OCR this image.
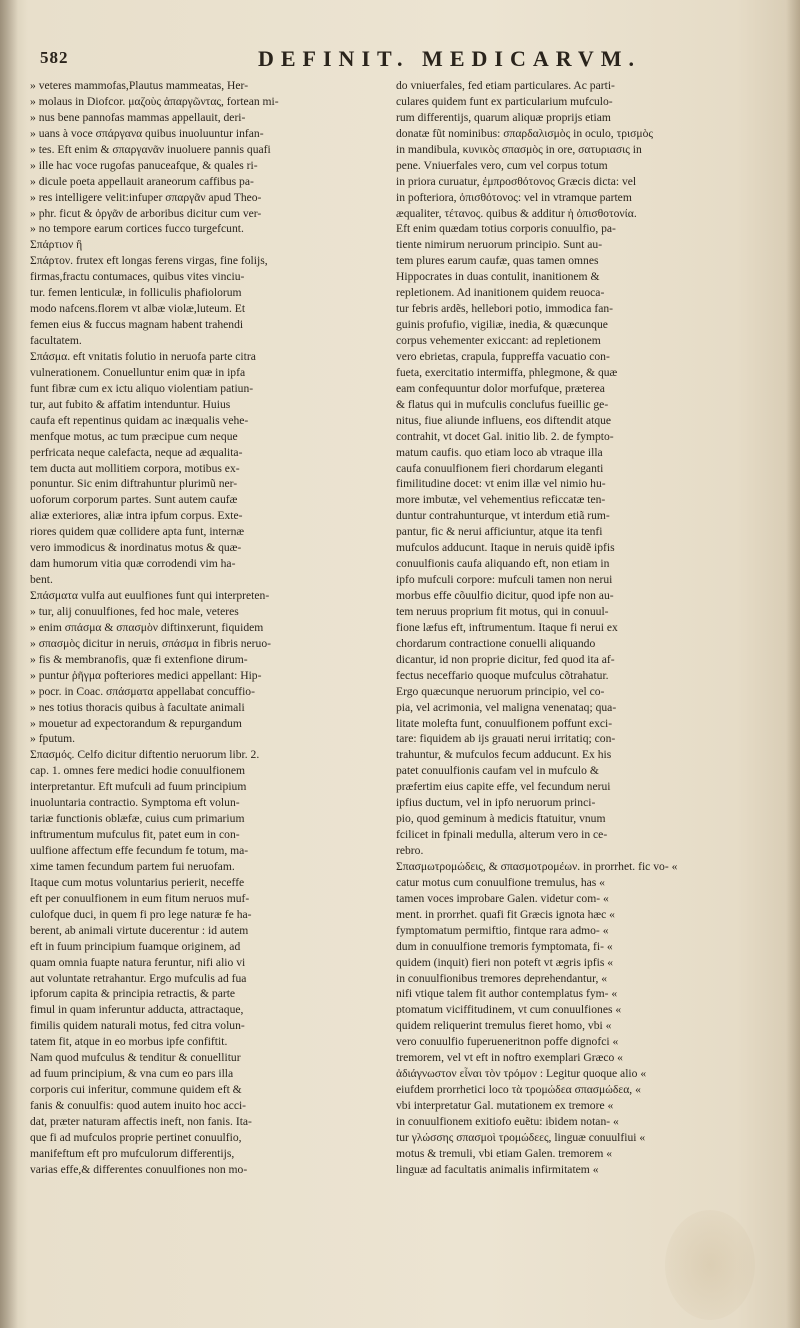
582	DEFINIT. MEDICARVM.
» veteres mammofas,Plautus mammeatas, Her-
» molaus in Diofcor. μαζοὺς ἀπαργῶντας, fortean mi-
» nus bene pannofas mammas appellauit, deri-
» uans à voce σπάργανα quibus inuoluuntur infan-
» tes. Eft enim & σπαργανᾶν inuoluere pannis quafi
» ille hac voce rugofas panuceafque, & quales ri-
» dicule poeta appellauit araneorum caffibus pa-
» res intelligere velit:infuper σπαργᾶν apud Theo-
» phr. ficut & ὀργᾶν de arboribus dicitur cum ver-
» no tempore earum cortices fucco turgefcunt.
Σπάρτιον ἢ
Σπάρτον. frutex eft longas ferens virgas, fine folijs,
firmas,fractu contumaces, quibus vites vinciu-
tur. femen lenticulæ, in folliculis phafiolorum
modo nafcens.florem vt albæ violæ,luteum. Et
femen eius & fuccus magnam habent trahendi
facultatem.
Σπάσμα. eft vnitatis folutio in neruofa parte citra
vulnerationem. Conuelluntur enim quæ in ipfa
funt fibræ cum ex ictu aliquo violentiam patiun-
tur, aut fubito & affatim intenduntur. Huius
caufa eft repentinus quidam ac inæqualis vehe-
menfque motus, ac tum præcipue cum neque
perfricata neque calefacta, neque ad æqualita-
tem ducta aut mollitiem corpora, motibus ex-
ponuntur. Sic enim diftrahuntur plurimũ ner-
uoforum corporum partes. Sunt autem caufæ
aliæ exteriores, aliæ intra ipfum corpus. Exte-
riores quidem quæ collidere apta funt, internæ
vero immodicus & inordinatus motus & quæ-
dam humorum vitia quæ corrodendi vim ha-
bent.
Σπάσματα vulfa aut euulfiones funt qui interpreten-
» tur, alij conuulfiones, fed hoc male, veteres
» enim σπάσμα & σπασμὸν diftinxerunt, fiquidem
» σπασμὸς dicitur in neruis, σπάσμα in fibris neruo-
» fis & membranofis, quæ fi extenfione dirum-
» puntur ῥῆγμα pofteriores medici appellant: Hip-
» pocr. in Coac. σπάσματα appellabat concuffio-
» nes totius thoracis quibus à facultate animali
» mouetur ad expectorandum & repurgandum
» fputum.
Σπασμός. Celfo dicitur diftentio neruorum libr. 2.
cap. 1. omnes fere medici hodie conuulfionem
interpretantur. Eft mufculi ad fuum principium
inuoluntaria contractio. Symptoma eft volun-
tariæ functionis oblæfæ, cuius cum primarium
inftrumentum mufculus fit, patet eum in con-
uulfione affectum effe fecundum fe totum, ma-
xime tamen fecundum partem fui neruofam.
Itaque cum motus voluntarius perierit, neceffe
eft per conuulfionem in eum fitum neruos muf-
culofque duci, in quem fi pro lege naturæ fe ha-
berent, ab animali virtute ducerentur : id autem
eft in fuum principium fuamque originem, ad
quam omnia fuapte natura feruntur, nifi alio vi
aut voluntate retrahantur. Ergo mufculis ad fua
ipforum capita & principia retractis, & parte
fimul in quam inferuntur adducta, attractaque,
fimilis quidem naturali motus, fed citra volun-
tatem fit, atque in eo morbus ipfe confiftit.
Nam quod mufculus & tenditur & conuellitur
ad fuum principium, & vna cum eo pars illa
corporis cui inferitur, commune quidem eft &
fanis & conuulfis: quod autem inuito hoc acci-
dat, præter naturam affectis ineft, non fanis. Ita-
que fi ad mufculos proprie pertinet conuulfio,
manifeftum eft pro mufculorum differentijs,
varias effe,& differentes conuulfiones non mo-
do vniuerfales, fed etiam particulares. Ac parti-
culares quidem funt ex particularium mufculo-
rum differentijs, quarum aliquæ proprijs etiam
donatæ fũt nominibus: σπαρδαλισμὸς in oculo, τρισμὸς
in mandibula, κυνικὸς σπασμὸς in ore, σατυριασις in
pene. Vniuerfales vero, cum vel corpus totum
in priora curuatur, ἐμπροσθότονος Græcis dicta: vel
in pofteriora, ὀπισθότονος: vel in vtramque partem
æqualiter, τέτανος. quibus & additur ἡ ὀπισθοτονία.
Eft enim quædam totius corporis conuulfio, pa-
tiente nimirum neruorum principio. Sunt au-
tem plures earum caufæ, quas tamen omnes
Hippocrates in duas contulit, inanitionem &
repletionem. Ad inanitionem quidem reuoca-
tur febris ardẽs, hellebori potio, immodica fan-
guinis profufio, vigiliæ, inedia, & quæcunque
corpus vehementer exiccant: ad repletionem
vero ebrietas, crapula, fuppreffa vacuatio con-
fueta, exercitatio intermiffa, phlegmone, & quæ
eam confequuntur dolor morfufque, præterea
& flatus qui in mufculis conclufus fueillic ge-
nitus, fiue aliunde influens, eos diftendit atque
contrahit, vt docet Gal. initio lib. 2. de fympto-
matum caufis. quo etiam loco ab vtraque illa
caufa conuulfionem fieri chordarum eleganti
fimilitudine docet: vt enim illæ vel nimio hu-
more imbutæ, vel vehementius reficcatæ ten-
duntur contrahunturque, vt interdum etiã rum-
pantur, fic & nerui afficiuntur, atque ita tenfi
mufculos adducunt. Itaque in neruis quidẽ ipfis
conuulfionis caufa aliquando eft, non etiam in
ipfo mufculi corpore: mufculi tamen non nerui
morbus effe cõuulfio dicitur, quod ipfe non au-
tem neruus proprium fit motus, qui in conuul-
fione læfus eft, inftrumentum. Itaque fi nerui ex
chordarum contractione conuelli aliquando
dicantur, id non proprie dicitur, fed quod ita af-
fectus neceffario quoque mufculus cõtrahatur.
Ergo quæcunque neruorum principio, vel co-
pia, vel acrimonia, vel maligna venenataq; qua-
litate molefta funt, conuulfionem poffunt exci-
tare: fiquidem ab ijs grauati nerui irritatiq; con-
trahuntur, & mufculos fecum adducunt. Ex his
patet conuulfionis caufam vel in mufculo &
præfertim eius capite effe, vel fecundum nerui
ipfius ductum, vel in ipfo neruorum princi-
pio, quod geminum à medicis ftatuitur, vnum
fcilicet in fpinali medulla, alterum vero in ce-
rebro.
Σπασμωτρομώδεις, & σπασμοτρομέων. in prorrhet. fic vo- «
catur motus cum conuulfione tremulus, has «
tamen voces improbare Galen. videtur com- «
ment. in prorrhet. quafi fit Græcis ignota hæc «
fymptomatum permiftio, fintque rara admo- «
dum in conuulfione tremoris fymptomata, fi- «
quidem (inquit) fieri non poteft vt ægris ipfis «
in conuulfionibus tremores deprehendantur, «
nifi vtique talem fit author contemplatus fym- «
ptomatum viciffitudinem, vt cum conuulfiones «
quidem reliquerint tremulus fieret homo, vbi «
vero conuulfio fuperueneritnon poffe dignofci «
tremorem, vel vt eft in noftro exemplari Græco «
ἀδιάγνωστον εἶναι τὸν τρόμον : Legitur quoque alio «
eiufdem prorrhetici loco τὰ τρομώδεα σπασμώδεα, «
vbi interpretatur Gal. mutationem ex tremore «
in conuulfionem exitiofo euẽtu: ibidem notan- «
tur γλώσσης σπασμοὶ τρομώδεες, linguæ conuulfiui «
motus & tremuli, vbi etiam Galen. tremorem «
linguæ ad facultatis animalis infirmitatem «
